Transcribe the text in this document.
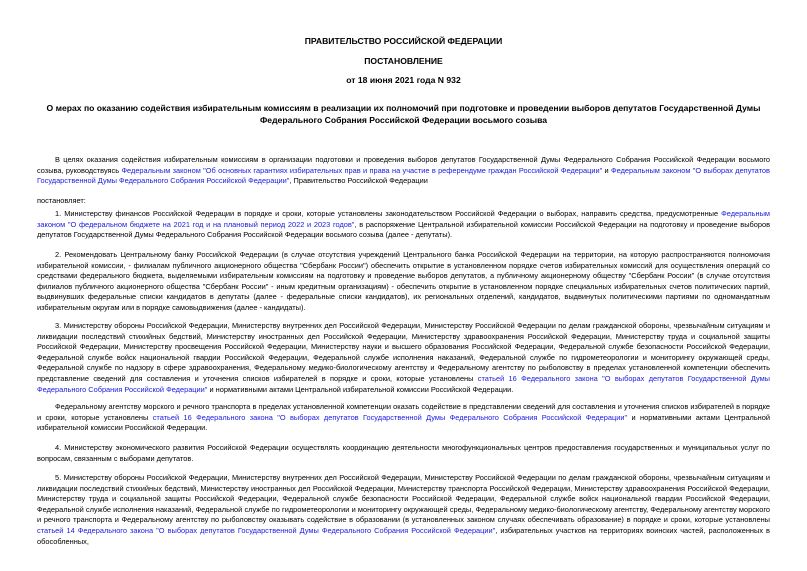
ПРАВИТЕЛЬСТВО РОССИЙСКОЙ ФЕДЕРАЦИИ
ПОСТАНОВЛЕНИЕ
от 18 июня 2021 года N 932
О мерах по оказанию содействия избирательным комиссиям в реализации их полномочий при подготовке и проведении выборов депутатов Государственной Думы Федерального Собрания Российской Федерации восьмого созыва
В целях оказания содействия избирательным комиссиям в организации подготовки и проведения выборов депутатов Государственной Думы Федерального Собрания Российской Федерации восьмого созыва, руководствуясь Федеральным законом "Об основных гарантиях избирательных прав и права на участие в референдуме граждан Российской Федерации" и Федеральным законом "О выборах депутатов Государственной Думы Федерального Собрания Российской Федерации", Правительство Российской Федерации
постановляет:
1. Министерству финансов Российской Федерации в порядке и сроки, которые установлены законодательством Российской Федерации о выборах, направить средства, предусмотренные Федеральным законом "О федеральном бюджете на 2021 год и на плановый период 2022 и 2023 годов", в распоряжение Центральной избирательной комиссии Российской Федерации на подготовку и проведение выборов депутатов Государственной Думы Федерального Собрания Российской Федерации восьмого созыва (далее - депутаты).
2. Рекомендовать Центральному банку Российской Федерации (в случае отсутствия учреждений Центрального банка Российской Федерации на территории, на которую распространяются полномочия избирательной комиссии, - филиалам публичного акционерного общества "Сбербанк России") обеспечить открытие в установленном порядке счетов избирательных комиссий для осуществления операций со средствами федерального бюджета, выделяемыми избирательным комиссиям на подготовку и проведение выборов депутатов, а публичному акционерному обществу "Сбербанк России" (в случае отсутствия филиалов публичного акционерного общества "Сбербанк России" - иным кредитным организациям) - обеспечить открытие в установленном порядке специальных избирательных счетов политических партий, выдвинувших федеральные списки кандидатов в депутаты (далее - федеральные списки кандидатов), их региональных отделений, кандидатов, выдвинутых политическими партиями по одномандатным избирательным округам или в порядке самовыдвижения (далее - кандидаты).
3. Министерству обороны Российской Федерации, Министерству внутренних дел Российской Федерации, Министерству Российской Федерации по делам гражданской обороны, чрезвычайным ситуациям и ликвидации последствий стихийных бедствий, Министерству иностранных дел Российской Федерации, Министерству здравоохранения Российской Федерации, Министерству труда и социальной защиты Российской Федерации, Министерству просвещения Российской Федерации, Министерству науки и высшего образования Российской Федерации, Федеральной службе безопасности Российской Федерации, Федеральной службе войск национальной гвардии Российской Федерации, Федеральной службе исполнения наказаний, Федеральной службе по гидрометеорологии и мониторингу окружающей среды, Федеральной службе по надзору в сфере здравоохранения, Федеральному медико-биологическому агентству и Федеральному агентству по рыболовству в пределах установленной компетенции обеспечить представление сведений для составления и уточнения списков избирателей в порядке и сроки, которые установлены статьей 16 Федерального закона "О выборах депутатов Государственной Думы Федерального Собрания Российской Федерации" и нормативными актами Центральной избирательной комиссии Российской Федерации.
Федеральному агентству морского и речного транспорта в пределах установленной компетенции оказать содействие в представлении сведений для составления и уточнения списков избирателей в порядке и сроки, которые установлены статьей 16 Федерального закона "О выборах депутатов Государственной Думы Федерального Собрания Российской Федерации" и нормативными актами Центральной избирательной комиссии Российской Федерации.
4. Министерству экономического развития Российской Федерации осуществлять координацию деятельности многофункциональных центров предоставления государственных и муниципальных услуг по вопросам, связанным с выборами депутатов.
5. Министерству обороны Российской Федерации, Министерству внутренних дел Российской Федерации, Министерству Российской Федерации по делам гражданской обороны, чрезвычайным ситуациям и ликвидации последствий стихийных бедствий, Министерству иностранных дел Российской Федерации, Министерству транспорта Российской Федерации, Министерству здравоохранения Российской Федерации, Министерству труда и социальной защиты Российской Федерации, Федеральной службе безопасности Российской Федерации, Федеральной службе войск национальной гвардии Российской Федерации, Федеральной службе исполнения наказаний, Федеральной службе по гидрометеорологии и мониторингу окружающей среды, Федеральному медико-биологическому агентству, Федеральному агентству морского и речного транспорта и Федеральному агентству по рыболовству оказывать содействие в образовании (в установленных законом случаях обеспечивать образование) в порядке и сроки, которые установлены статьей 14 Федерального закона "О выборах депутатов Государственной Думы Федерального Собрания Российской Федерации", избирательных участков на территориях воинских частей, расположенных в обособленных,
